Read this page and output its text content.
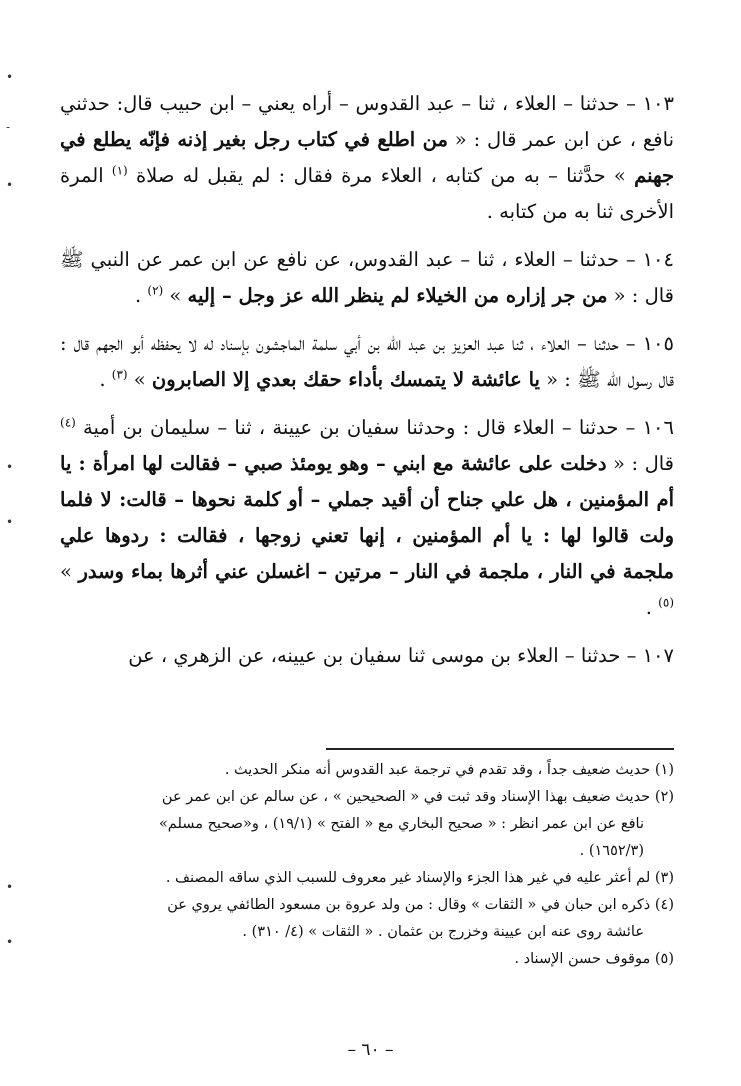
•
-
•
•
•
•
•

١٠٣ – حدثنا – العلاء ، ثنا – عبد القدوس – أراه يعني – ابن حبيب قال: حدثني نافع ، عن ابن عمر قال : « من اطلع في كتاب رجل بغير إذنه فإنّه يطلع في جهنم » حدَّثنا – به من كتابه ، العلاء مرة فقال : لم يقبل له صلاة $^{(١)}$ المرة الأخرى ثنا به من كتابه .

١٠٤ – حدثنا – العلاء ، ثنا – عبد القدوس، عن نافع عن ابن عمر عن النبي ﷺ قال : « من جر إزاره من الخيلاء لم ينظر الله عز وجل – إليه » $^{(٢)}$ .

١٠٥ – حدثنا – العلاء ، ثنا عبد العزيز بن عبد الله بن أبي سلمة الماجشون بإسناد له لا يحفظه أبو الجهم قال : قال رسول الله ﷺ : « يا عائشة لا يتمسك بأداء حقك بعدي إلا الصابرون » $^{(٣)}$ .

١٠٦ – حدثنا – العلاء قال : وحدثنا سفيان بن عيينة ، ثنا – سليمان بن أمية $^{(٤)}$ قال : « دخلت على عائشة مع ابني – وهو يومئذ صبي – فقالت لها امرأة : يا أم المؤمنين ، هل علي جناح أن أقيد جملي – أو كلمة نحوها – قالت: لا فلما ولت قالوا لها : يا أم المؤمنين ، إنها تعني زوجها ، فقالت : ردوها علي ملجمة في النار ، ملجمة في النار – مرتين – اغسلن عني أثرها بماء وسدر » $^{(٥)}$ .

١٠٧ – حدثنا – العلاء بن موسى ثنا سفيان بن عيينه، عن الزهري ، عن

(١) حديث ضعيف جداً ، وقد تقدم في ترجمة عبد القدوس أنه منكر الحديث .

(٢) حديث ضعيف بهذا الإسناد وقد ثبت في « الصحيحين » ، عن سالم عن ابن عمر عن

نافع عن ابن عمر انظر : « صحيح البخاري مع « الفتح » (١٩/١) ، و«صحيح مسلم»

(١٦٥٢/٣) .

(٣) لم أعثر عليه في غير هذا الجزء والإسناد غير معروف للسبب الذي ساقه المصنف .

(٤) ذكره ابن حبان في « الثقات » وقال : من ولد عروة بن مسعود الطائفي يروي عن

عائشة روى عنه ابن عيينة وخزرج بن عثمان . « الثقات » (٤/ ٣١٠) .

(٥) موقوف حسن الإسناد .

– ٦٠ –
